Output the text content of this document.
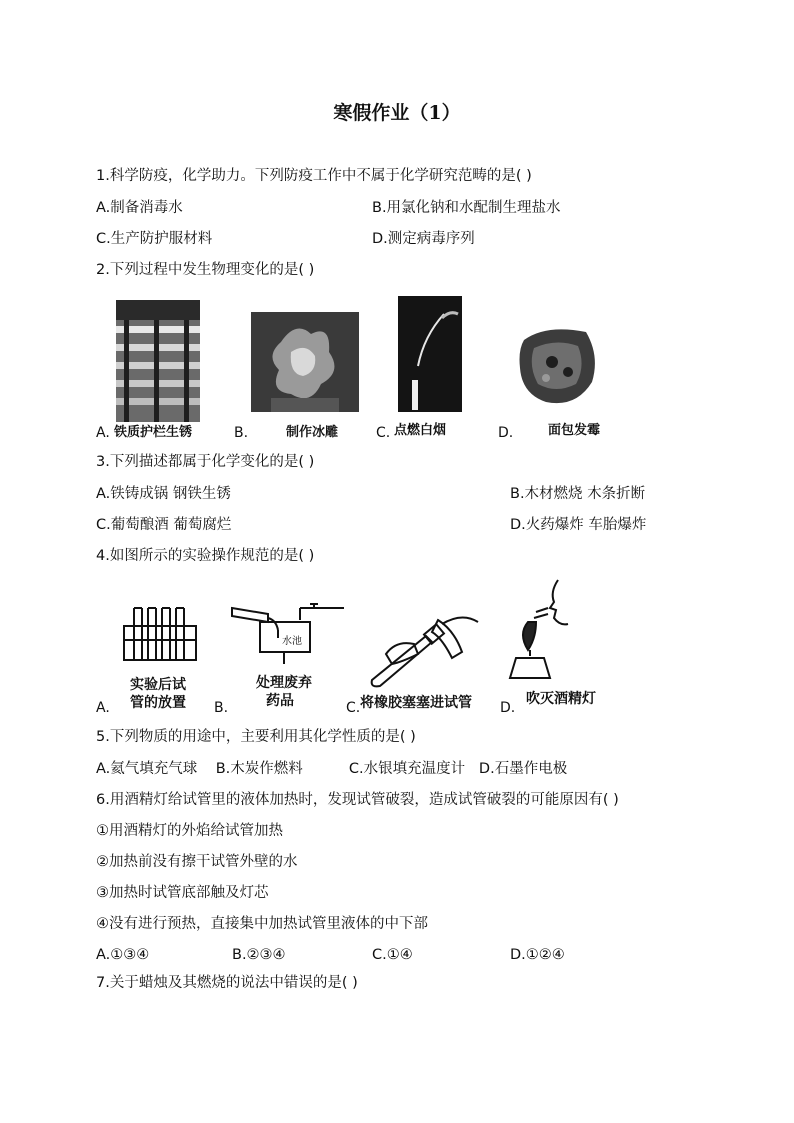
寒假作业（1）
1.科学防疫，化学助力。下列防疫工作中不属于化学研究范畴的是( )
A.制备消毒水	B.用氯化钠和水配制生理盐水
C.生产防护服材料	D.测定病毒序列
2.下列过程中发生物理变化的是( )
A. 铁质护栏生锈	B.	制作冰雕	C. 点燃白烟	D.	面包发霉
3.下列描述都属于化学变化的是( )
A.铁铸成锅 钢铁生锈	B.木材燃烧 木条折断
C.葡萄酿酒 葡萄腐烂	D.火药爆炸 车胎爆炸
4.如图所示的实验操作规范的是( )
实验后试
管的放置
A.
水池
处理废弃
药品
B.	将橡胶塞塞进试管
C.
吹灭酒精灯
D.
5.下列物质的用途中，主要利用其化学性质的是( )
A.氦气填充气球    B.木炭作燃料          C.水银填充温度计   D.石墨作电极
6.用酒精灯给试管里的液体加热时，发现试管破裂，造成试管破裂的可能原因有( )
①用酒精灯的外焰给试管加热
②加热前没有擦干试管外壁的水
③加热时试管底部触及灯芯
④没有进行预热，直接集中加热试管里液体的中下部
A.①③④	B.②③④	C.①④	D.①②④
7.关于蜡烛及其燃烧的说法中错误的是( )
